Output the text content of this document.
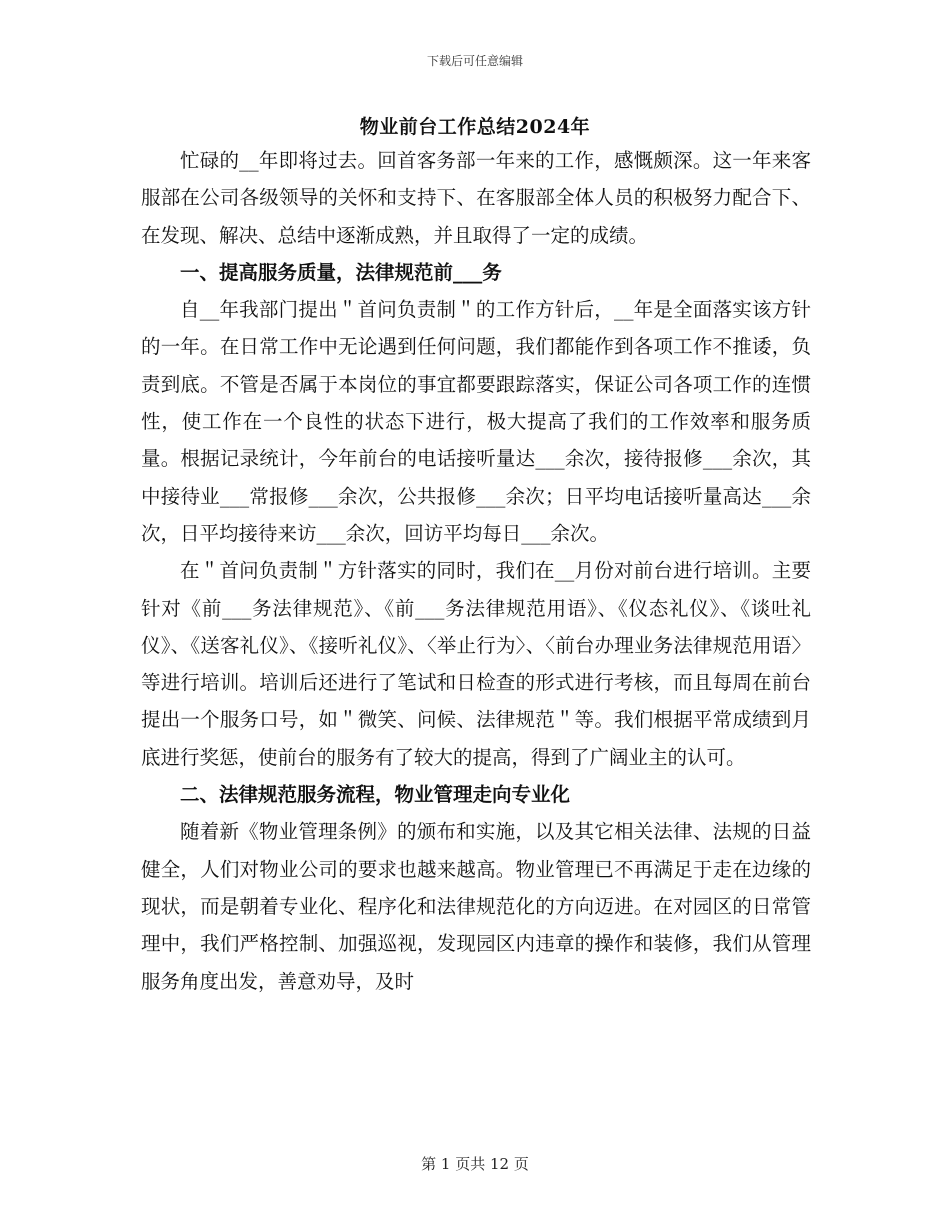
下载后可任意编辑
物业前台工作总结2024年

忙碌的__年即将过去。回首客务部一年来的工作，感慨颇深。这一年来客服部在公司各级领导的关怀和支持下、在客服部全体人员的积极努力配合下、在发现、解决、总结中逐渐成熟，并且取得了一定的成绩。

一、提高服务质量，法律规范前___务

自__年我部门提出＂首问负责制＂的工作方针后，__年是全面落实该方针的一年。在日常工作中无论遇到任何问题，我们都能作到各项工作不推诿，负责到底。不管是否属于本岗位的事宜都要跟踪落实，保证公司各项工作的连惯性，使工作在一个良性的状态下进行，极大提高了我们的工作效率和服务质量。根据记录统计，今年前台的电话接听量达___余次，接待报修___余次，其中接待业___常报修___余次，公共报修___余次；日平均电话接听量高达___余次，日平均接待来访___余次，回访平均每日___余次。

在＂首问负责制＂方针落实的同时，我们在__月份对前台进行培训。主要针对《前___务法律规范》、《前___务法律规范用语》、《仪态礼仪》、《谈吐礼仪》、《送客礼仪》、《接听礼仪》、〈举止行为〉、〈前台办理业务法律规范用语〉等进行培训。培训后还进行了笔试和日检查的形式进行考核，而且每周在前台提出一个服务口号，如＂微笑、问候、法律规范＂等。我们根据平常成绩到月底进行奖惩，使前台的服务有了较大的提高，得到了广阔业主的认可。

二、法律规范服务流程，物业管理走向专业化

随着新《物业管理条例》的颁布和实施，以及其它相关法律、法规的日益健全，人们对物业公司的要求也越来越高。物业管理已不再满足于走在边缘的现状，而是朝着专业化、程序化和法律规范化的方向迈进。在对园区的日常管理中，我们严格控制、加强巡视，发现园区内违章的操作和装修，我们从管理服务角度出发，善意劝导，及时

第 1 页共 12 页
